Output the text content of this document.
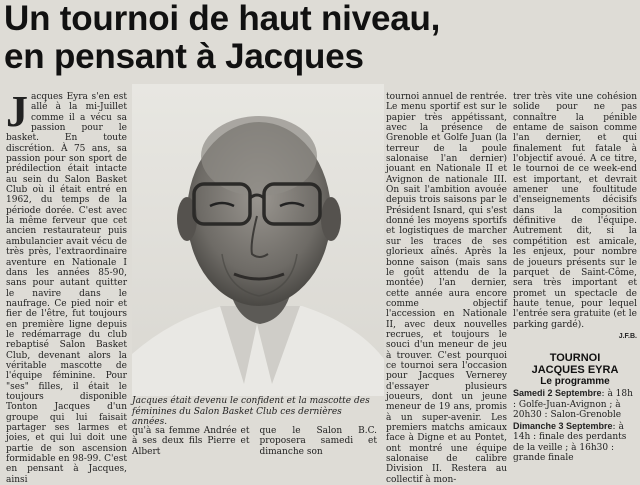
Un tournoi de haut niveau,
en pensant à Jacques
J acques Eyra s'en est allé à la mi-Juillet comme il a vécu sa passion pour le basket. En toute discrétion. À 75 ans, sa passion pour son sport de prédilection était intacte au sein du Salon Basket Club où il était entré en 1962, du temps de la période dorée. C'est avec la même ferveur que cet ancien restaurateur puis ambulancier avait vécu de très près, l'extraordinaire aventure en Nationale I dans les années 85-90, sans pour autant quitter le navire dans le naufrage. Ce pied noir et fier de l'être, fut toujours en première ligne depuis le redémarrage du club rebaptisé Salon Basket Club, devenant alors la véritable mascotte de l'équipe féminine. Pour "ses" filles, il était le toujours disponible Tonton Jacques d'un groupe qui lui faisait partager ses larmes et joies, et qui lui doit une partie de son ascension formidable en 98-99. C'est en pensant à Jacques, ainsi

Jacques était devenu le confident et la mascotte des féminines du Salon Basket Club ces dernières années.

qu'à sa femme Andrée et à ses deux fils Pierre et Albert

que le Salon B.C. proposera samedi et dimanche son

tournoi annuel de rentrée. Le menu sportif est sur le papier très appétissant, avec la présence de Grenoble et Golfe Juan (la terreur de la poule salonaise l'an dernier) jouant en Nationale II et Avignon de nationale III. On sait l'ambition avouée depuis trois saisons par le Président Isnard, qui s'est donné les moyens sportifs et logistiques de marcher sur les traces de ses glorieux aînés. Après la bonne saison (mais sans le goût attendu de la montée) l'an dernier, cette année aura encore comme objectif l'accession en Nationale II, avec deux nouvelles recrues, et toujours le souci d'un meneur de jeu à trouver. C'est pourquoi ce tournoi sera l'occasion pour Jacques Vernerey d'essayer plusieurs joueurs, dont un jeune meneur de 19 ans, promis à un super-avenir. Les premiers matchs amicaux face à Digne et au Pontet, ont montré une équipe salonaise de calibre Division II. Restera au collectif à mon-

trer très vite une cohésion solide pour ne pas connaître la pénible entame de saison comme l'an dernier, et qui finalement fut fatale à l'objectif avoué. A ce titre, le tournoi de ce week-end est important, et devrait amener une foultitude d'enseignements décisifs dans la composition définitive de l'équipe. Autrement dit, si la compétition est amicale, les enjeux, pour nombre de joueurs présents sur le parquet de Saint-Côme, sera très important et promet un spectacle de haute tenue, pour lequel l'entrée sera gratuite (et le parking gardé).

J.F.B.
TOURNOI
JACQUES EYRA
Le programme

Samedi 2 Septembre: à 18h : Golfe-Juan-Avignon ; à 20h30 : Salon-Grenoble

Dimanche 3 Septembre: à 14h : finale des perdants de la veille ; à 16h30 : grande finale
